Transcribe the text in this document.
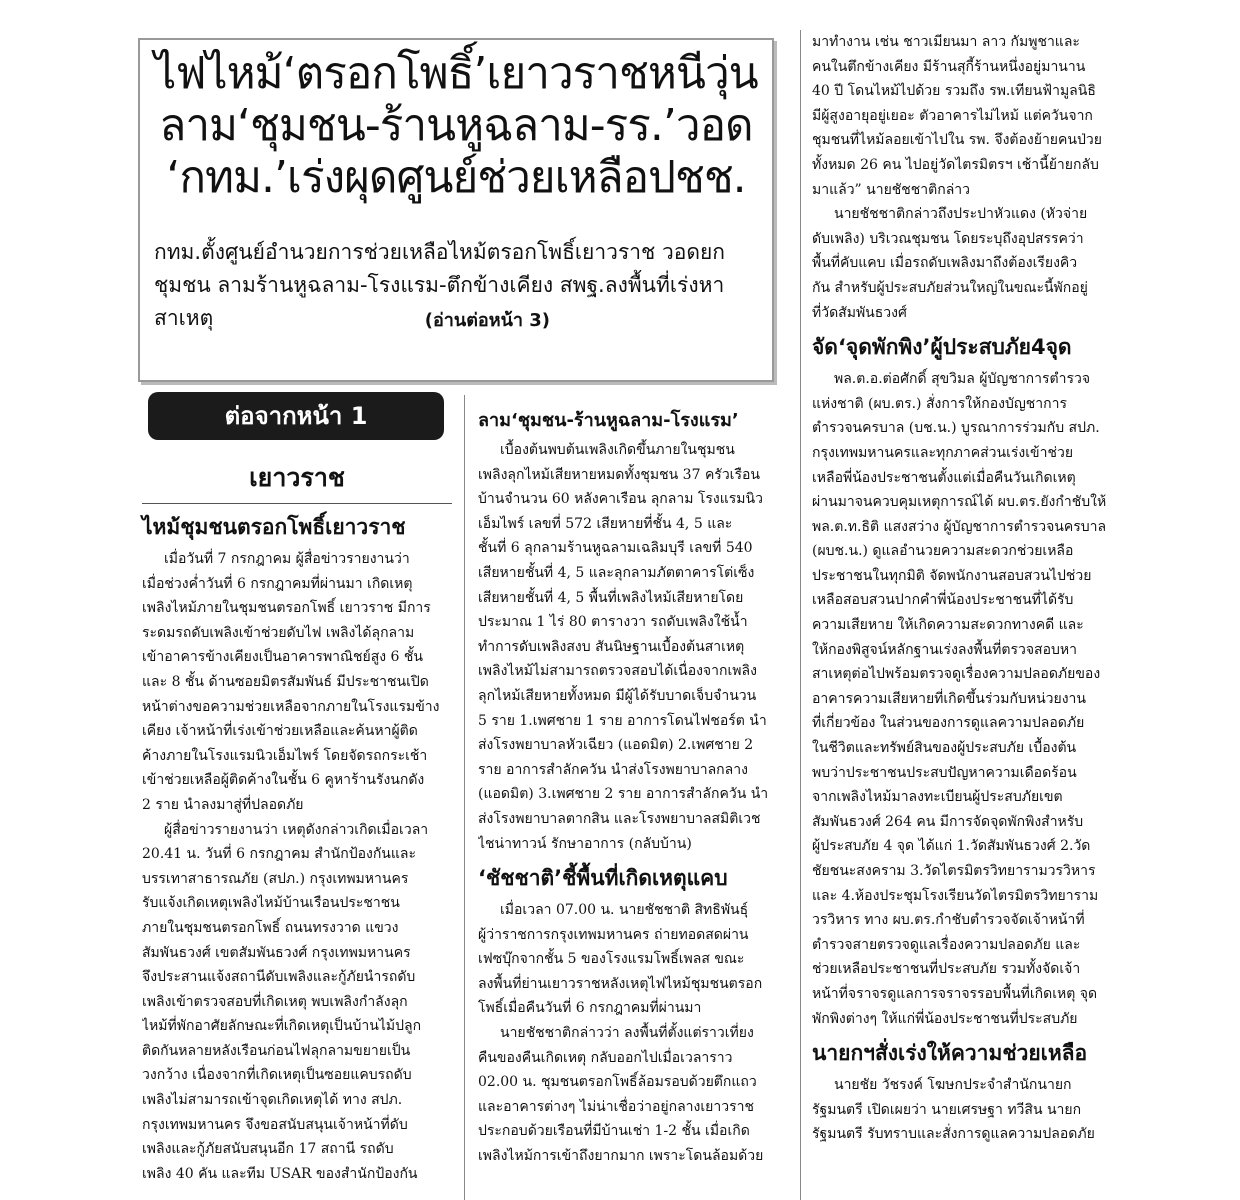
ไฟไหม้‘ตรอกโพธิ์’เยาวราชหนีวุ่น
ลาม‘ชุมชน-ร้านหูฉลาม-รร.’วอด
‘กทม.’เร่งผุดศูนย์ช่วยเหลือปชช.

กทม.ตั้งศูนย์อำนวยการช่วยเหลือไหม้ตรอกโพธิ์เยาวราช วอดยก

ชุมชน ลามร้านหูฉลาม-โรงแรม-ตึกข้างเคียง สพฐ.ลงพื้นที่เร่งหา

สาเหตุ	(อ่านต่อหน้า 3)
ต่อจากหน้า 1
เยาวราช
ไหม้ชุมชนตรอกโพธิ์เยาวราช
เมื่อวันที่ 7 กรกฎาคม ผู้สื่อข่าวรายงานว่า
เมื่อช่วงค่ำวันที่ 6 กรกฎาคมที่ผ่านมา เกิดเหตุ
เพลิงไหม้ภายในชุมชนตรอกโพธิ์ เยาวราช มีการ
ระดมรถดับเพลิงเข้าช่วยดับไฟ เพลิงได้ลุกลาม
เข้าอาคารข้างเคียงเป็นอาคารพาณิชย์สูง 6 ชั้น
และ 8 ชั้น ด้านซอยมิตรสัมพันธ์ มีประชาชนเปิด
หน้าต่างขอความช่วยเหลือจากภายในโรงแรมข้าง
เคียง เจ้าหน้าที่เร่งเข้าช่วยเหลือและค้นหาผู้ติด
ค้างภายในโรงแรมนิวเอ็มไพร์ โดยจัดรถกระเช้า
เข้าช่วยเหลือผู้ติดค้างในชั้น 6 คูหาร้านรังนกดัง
2 ราย นำลงมาสู่ที่ปลอดภัย
ผู้สื่อข่าวรายงานว่า เหตุดังกล่าวเกิดเมื่อเวลา
20.41 น. วันที่ 6 กรกฎาคม สำนักป้องกันและ
บรรเทาสาธารณภัย (สปภ.) กรุงเทพมหานคร
รับแจ้งเกิดเหตุเพลิงไหม้บ้านเรือนประชาชน
ภายในชุมชนตรอกโพธิ์ ถนนทรงวาด แขวง
สัมพันธวงศ์ เขตสัมพันธวงศ์ กรุงเทพมหานคร
จึงประสานแจ้งสถานีดับเพลิงและกู้ภัยนำรถดับ
เพลิงเข้าตรวจสอบที่เกิดเหตุ พบเพลิงกำลังลุก
ไหม้ที่พักอาศัยลักษณะที่เกิดเหตุเป็นบ้านไม้ปลูก
ติดกันหลายหลังเรือนก่อนไฟลุกลามขยายเป็น
วงกว้าง เนื่องจากที่เกิดเหตุเป็นซอยแคบรถดับ
เพลิงไม่สามารถเข้าจุดเกิดเหตุได้ ทาง สปภ.
กรุงเทพมหานคร จึงขอสนับสนุนเจ้าหน้าที่ดับ
เพลิงและกู้ภัยสนับสนุนอีก 17 สถานี รถดับ
เพลิง 40 คัน และทีม USAR ของสำนักป้องกัน
ลาม‘ชุมชน-ร้านหูฉลาม-โรงแรม’
เบื้องต้นพบต้นเพลิงเกิดขึ้นภายในชุมชน
เพลิงลุกไหม้เสียหายหมดทั้งชุมชน 37 ครัวเรือน
บ้านจำนวน 60 หลังคาเรือน ลุกลาม โรงแรมนิว
เอ็มไพร์ เลขที่ 572 เสียหายที่ชั้น 4, 5 และ
ชั้นที่ 6 ลุกลามร้านหูฉลามเฉลิมบุรี เลขที่ 540
เสียหายชั้นที่ 4, 5 และลุกลามภัตตาคารโต่เซ็ง
เสียหายชั้นที่ 4, 5 พื้นที่เพลิงไหม้เสียหายโดย
ประมาณ 1 ไร่ 80 ตารางวา รถดับเพลิงใช้น้ำ
ทำการดับเพลิงสงบ สันนิษฐานเบื้องต้นสาเหตุ
เพลิงไหม้ไม่สามารถตรวจสอบได้เนื่องจากเพลิง
ลุกไหม้เสียหายทั้งหมด มีผู้ได้รับบาดเจ็บจำนวน
5 ราย 1.เพศชาย 1 ราย อาการโดนไฟชอร์ต นำ
ส่งโรงพยาบาลหัวเฉียว (แอดมิต) 2.เพศชาย 2
ราย อาการสำลักควัน นำส่งโรงพยาบาลกลาง
(แอดมิต) 3.เพศชาย 2 ราย อาการสำลักควัน นำ
ส่งโรงพยาบาลตากสิน และโรงพยาบาลสมิติเวช
ไชน่าทาวน์ รักษาอาการ (กลับบ้าน)
‘ชัชชาติ’ชี้พื้นที่เกิดเหตุแคบ
เมื่อเวลา 07.00 น. นายชัชชาติ สิทธิพันธุ์
ผู้ว่าราชการกรุงเทพมหานคร ถ่ายทอดสดผ่าน
เฟซบุ๊กจากชั้น 5 ของโรงแรมโพธิ์เพลส ขณะ
ลงพื้นที่ย่านเยาวราชหลังเหตุไฟไหม้ชุมชนตรอก
โพธิ์เมื่อคืนวันที่ 6 กรกฎาคมที่ผ่านมา
นายชัชชาติกล่าวว่า ลงพื้นที่ตั้งแต่ราวเที่ยง
คืนของคืนเกิดเหตุ กลับออกไปเมื่อเวลาราว
02.00 น. ชุมชนตรอกโพธิ์ล้อมรอบด้วยตึกแถว
และอาคารต่างๆ ไม่น่าเชื่อว่าอยู่กลางเยาวราช
ประกอบด้วยเรือนที่มีบ้านเช่า 1-2 ชั้น เมื่อเกิด
เพลิงไหม้การเข้าถึงยากมาก เพราะโดนล้อมด้วย
มาทำงาน เช่น ชาวเมียนมา ลาว กัมพูชาและ
คนในตึกข้างเคียง มีร้านสุกี้ร้านหนึ่งอยู่มานาน
40 ปี โดนไหม้ไปด้วย รวมถึง รพ.เทียนฟ้ามูลนิธิ
มีผู้สูงอายุอยู่เยอะ ตัวอาคารไม่ไหม้ แต่ควันจาก
ชุมชนที่ไหม้ลอยเข้าไปใน รพ. จึงต้องย้ายคนป่วย
ทั้งหมด 26 คน ไปอยู่วัดไตรมิตรฯ เช้านี้ย้ายกลับ
มาแล้ว” นายชัชชาติกล่าว
นายชัชชาติกล่าวถึงประปาหัวแดง (หัวจ่าย
ดับเพลิง) บริเวณชุมชน โดยระบุถึงอุปสรรคว่า
พื้นที่คับแคบ เมื่อรถดับเพลิงมาถึงต้องเรียงคิว
กัน สำหรับผู้ประสบภัยส่วนใหญ่ในขณะนี้พักอยู่
ที่วัดสัมพันธวงศ์
จัด‘จุดพักพิง’ผู้ประสบภัย4จุด
พล.ต.อ.ต่อศักดิ์ สุขวิมล ผู้บัญชาการตำรวจ
แห่งชาติ (ผบ.ตร.) สั่งการให้กองบัญชาการ
ตำรวจนครบาล (บช.น.) บูรณาการร่วมกับ สปภ.
กรุงเทพมหานครและทุกภาคส่วนเร่งเข้าช่วย
เหลือพี่น้องประชาชนตั้งแต่เมื่อคืนวันเกิดเหตุ
ผ่านมาจนควบคุมเหตุการณ์ได้ ผบ.ตร.ยังกำชับให้
พล.ต.ท.ธิติ แสงสว่าง ผู้บัญชาการตำรวจนครบาล
(ผบช.น.) ดูแลอำนวยความสะดวกช่วยเหลือ
ประชาชนในทุกมิติ จัดพนักงานสอบสวนไปช่วย
เหลือสอบสวนปากคำพี่น้องประชาชนที่ได้รับ
ความเสียหาย ให้เกิดความสะดวกทางคดี และ
ให้กองพิสูจน์หลักฐานเร่งลงพื้นที่ตรวจสอบหา
สาเหตุต่อไปพร้อมตรวจดูเรื่องความปลอดภัยของ
อาคารความเสียหายที่เกิดขึ้นร่วมกับหน่วยงาน
ที่เกี่ยวข้อง ในส่วนของการดูแลความปลอดภัย
ในชีวิตและทรัพย์สินของผู้ประสบภัย เบื้องต้น
พบว่าประชาชนประสบปัญหาความเดือดร้อน
จากเพลิงไหม้มาลงทะเบียนผู้ประสบภัยเขต
สัมพันธวงศ์ 264 คน มีการจัดจุดพักพิงสำหรับ
ผู้ประสบภัย 4 จุด ได้แก่ 1.วัดสัมพันธวงศ์ 2.วัด
ชัยชนะสงคราม 3.วัดไตรมิตรวิทยารามวรวิหาร
และ 4.ห้องประชุมโรงเรียนวัดไตรมิตรวิทยาราม
วรวิหาร ทาง ผบ.ตร.กำชับตำรวจจัดเจ้าหน้าที่
ตำรวจสายตรวจดูแลเรื่องความปลอดภัย และ
ช่วยเหลือประชาชนที่ประสบภัย รวมทั้งจัดเจ้า
หน้าที่จราจรดูแลการจราจรรอบพื้นที่เกิดเหตุ จุด
พักพิงต่างๆ ให้แก่พี่น้องประชาชนที่ประสบภัย
นายกฯสั่งเร่งให้ความช่วยเหลือ
นายชัย วัชรงค์ โฆษกประจำสำนักนายก
รัฐมนตรี เปิดเผยว่า นายเศรษฐา ทวีสิน นายก
รัฐมนตรี รับทราบและสั่งการดูแลความปลอดภัย
